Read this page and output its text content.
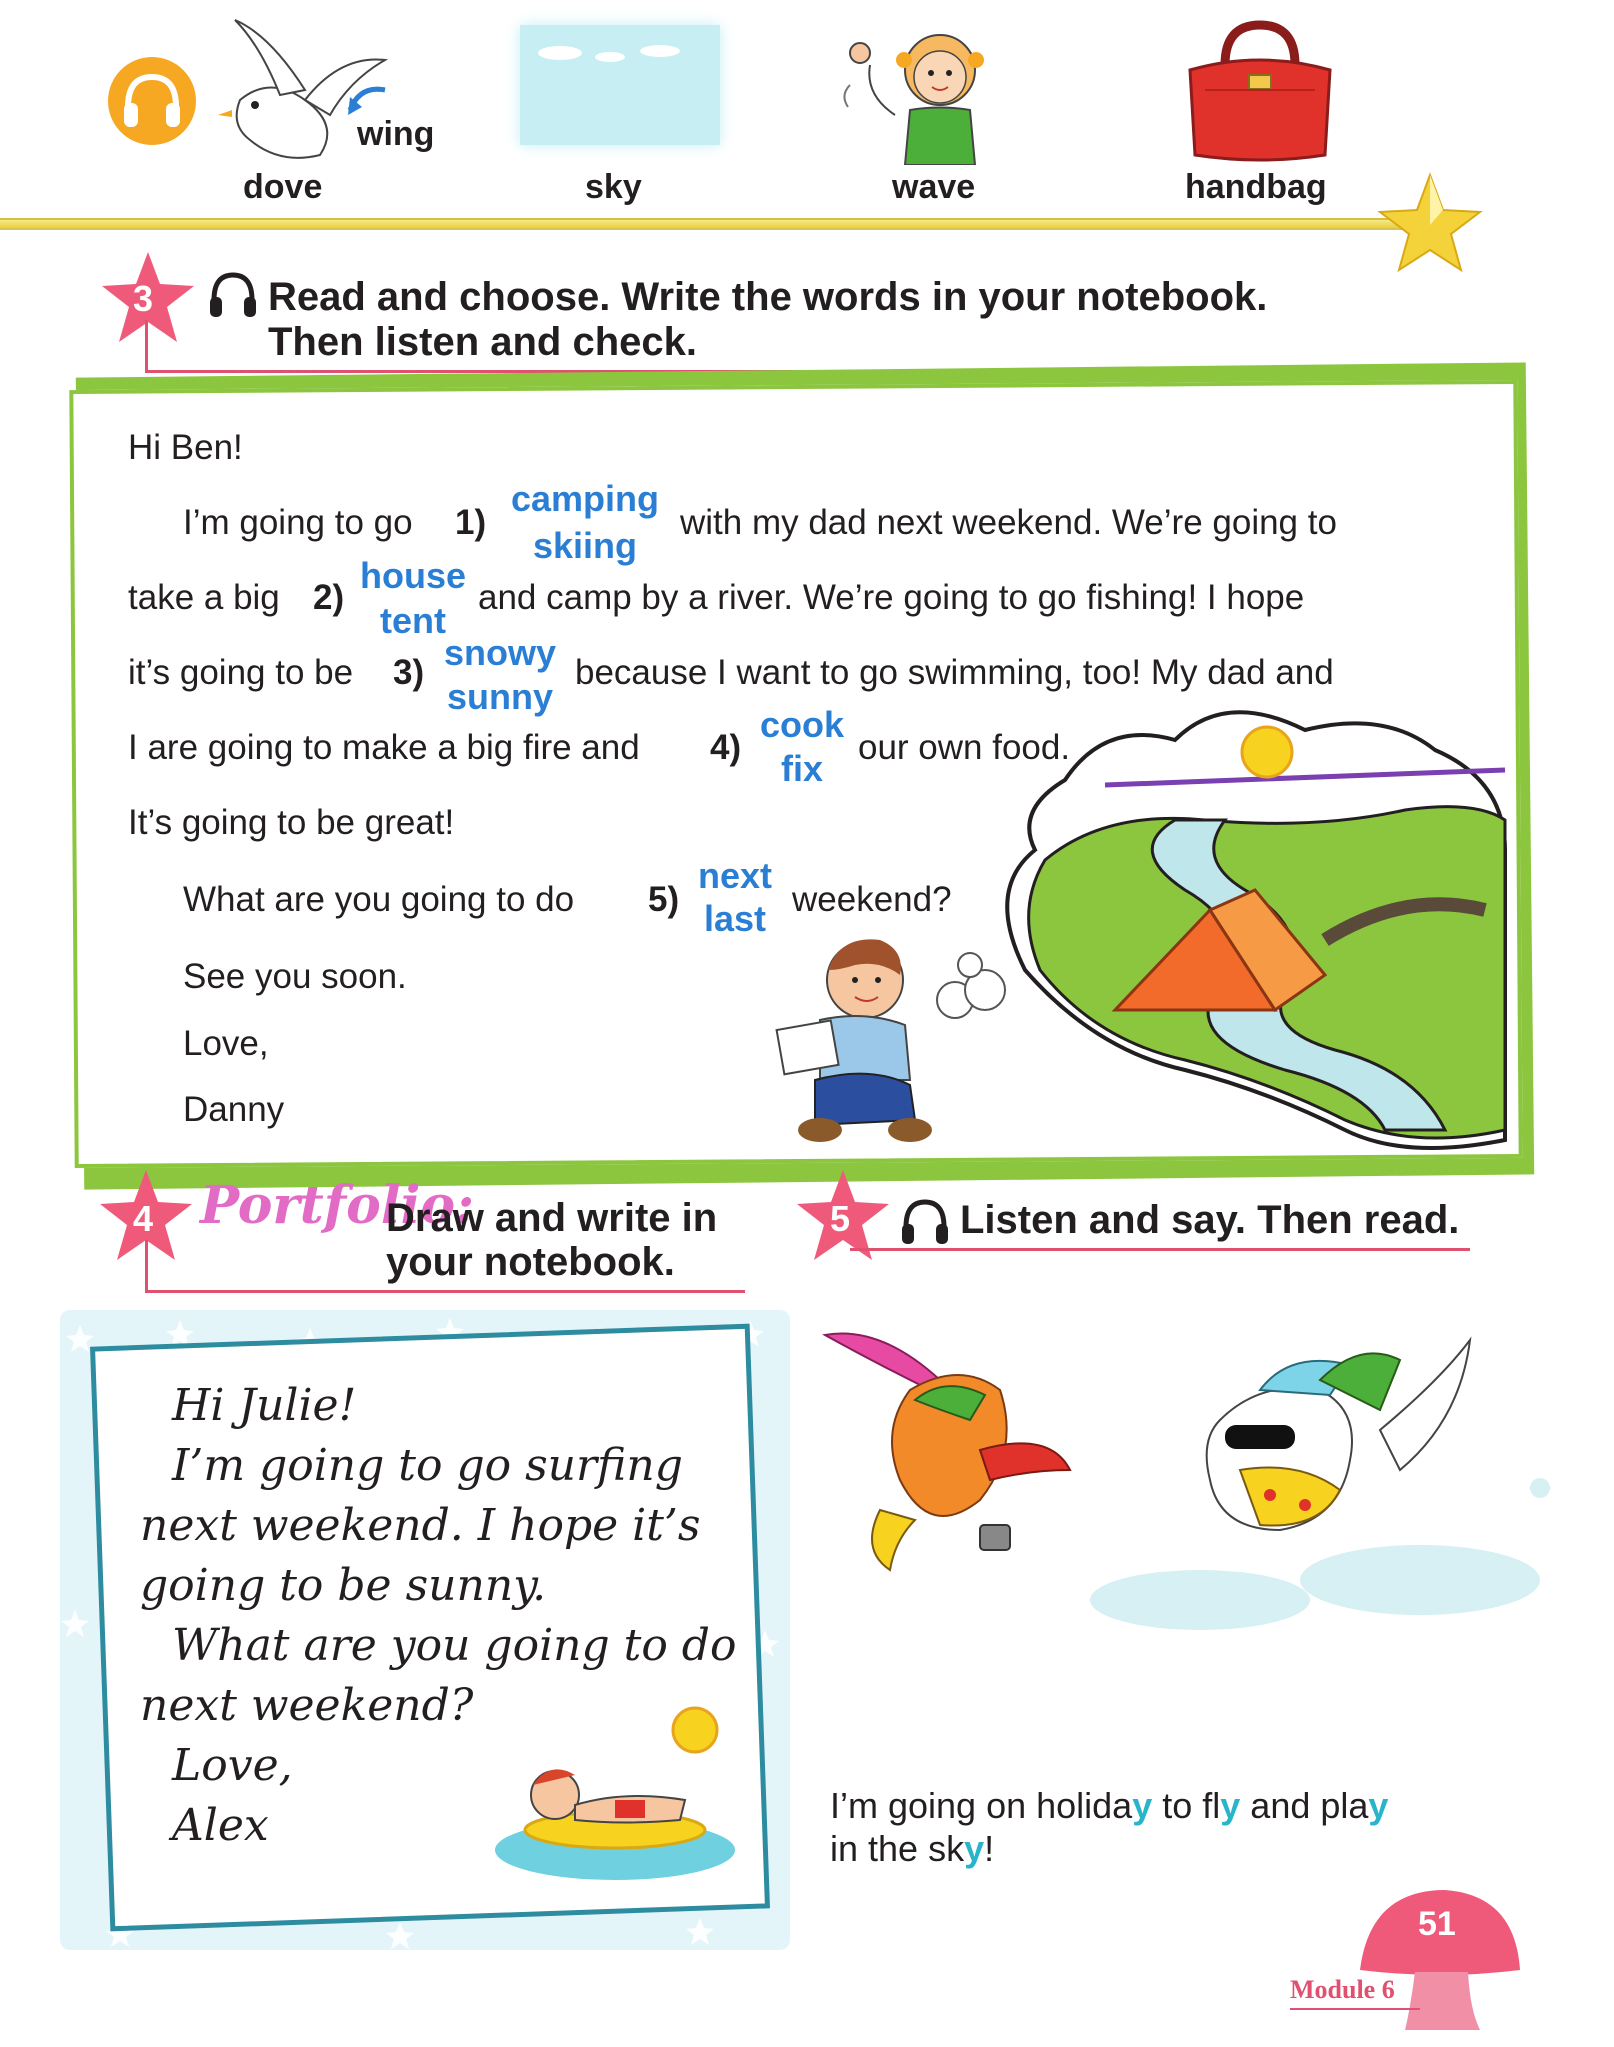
wing
dove	sky	wave	handbag
3	Read and choose. Write the words in your notebook.
Then listen and check.
Hi Ben!
I’m going to go 1)
camping
skiing
with my dad next weekend. We’re going to
take a big 2)
house
tent
and camp by a river. We’re going to go fishing! I hope
it’s going to be 3) snowy
sunny
because I want to go swimming, too! My dad and
I are going to make a big fire and 4)
cook
fix
our own food.
It’s going to be great!
What are you going to do 5)
next
last weekend?
See you soon.
Love,
Danny
4 Portfolio:
Draw and write in
your notebook.
Hi Julie!
I’m going to go surfing
next weekend. I hope it’s
going to be sunny.
What are you going to do
next weekend?
Love,
Alex
5	Listen and say. Then read.
I’m going on holiday to fly and play
in the sky!
51
Module 6
